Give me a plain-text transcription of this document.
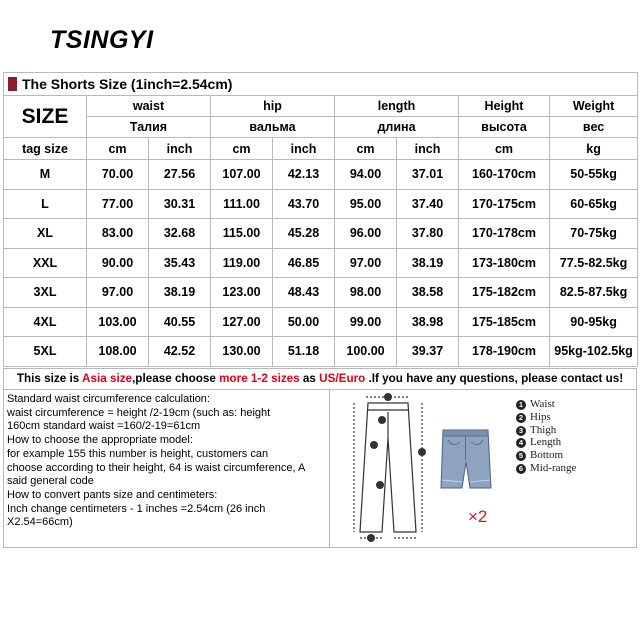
TSINGYI
The Shorts Size (1inch=2.54cm)								
SIZE	waist		hip		length		Height	Weight
	Талия		вальма		длина		высота	вес
tag size	cm	inch	cm	inch	cm	inch	cm	kg
M	70.00	27.56	107.00	42.13	94.00	37.01	160-170cm	50-55kg
L	77.00	30.31	111.00	43.70	95.00	37.40	170-175cm	60-65kg
XL	83.00	32.68	115.00	45.28	96.00	37.80	170-178cm	70-75kg
XXL	90.00	35.43	119.00	46.85	97.00	38.19	173-180cm	77.5-82.5kg
3XL	97.00	38.19	123.00	48.43	98.00	38.58	175-182cm	82.5-87.5kg
4XL	103.00	40.55	127.00	50.00	99.00	38.98	175-185cm	90-95kg
5XL	108.00	42.52	130.00	51.18	100.00	39.37	178-190cm	95kg-102.5kg
This size is Asia size,please choose more 1-2 sizes as US/Euro .If you have any questions, please contact us!
Standard waist circumference calculation:
waist circumference = height /2-19cm (such as: height
160cm standard waist =160/2-19=61cm
How to choose the appropriate model:
for example 155 this number is height, customers can
choose according to their height, 64 is waist circumference, A
said general code
How to convert pants size and centimeters:
Inch change centimeters - 1 inches =2.54cm (26 inch
X2.54=66cm)
1 Waist
2 Hips
3 Thigh
4 Length
5 Bottom
6 Mid-range
×2
